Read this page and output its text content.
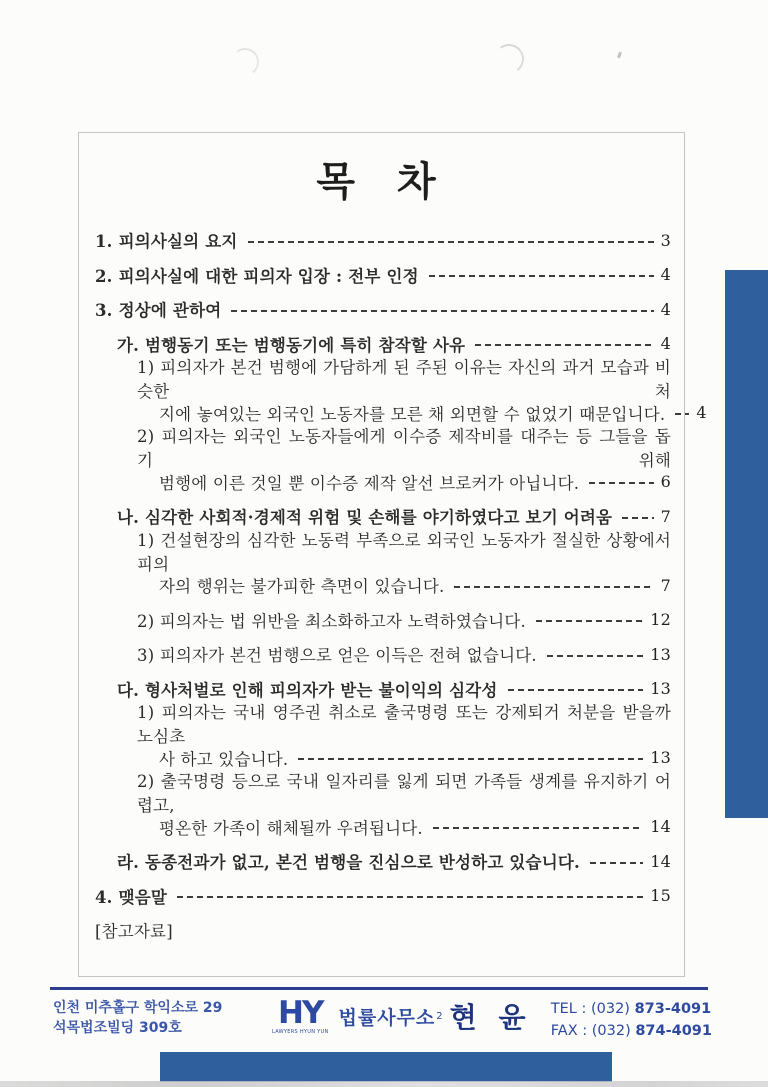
목 차
1. 피의사실의 요지	3
2. 피의사실에 대한 피의자 입장 : 전부 인정	4
3. 정상에 관하여	4
가. 범행동기 또는 범행동기에 특히 참작할 사유	4
1) 피의자가 본건 범행에 가담하게 된 주된 이유는 자신의 과거 모습과 비슷한 처
지에 놓여있는 외국인 노동자를 모른 채 외면할 수 없었기 때문입니다. 4
2) 피의자는 외국인 노동자들에게 이수증 제작비를 대주는 등 그들을 돕기 위해
범행에 이른 것일 뿐 이수증 제작 알선 브로커가 아닙니다.	6
나. 심각한 사회적·경제적 위험 및 손해를 야기하였다고 보기 어려움	7
1) 건설현장의 심각한 노동력 부족으로 외국인 노동자가 절실한 상황에서 피의
자의 행위는 불가피한 측면이 있습니다.	7
2) 피의자는 법 위반을 최소화하고자 노력하였습니다.	12
3) 피의자가 본건 범행으로 얻은 이득은 전혀 없습니다.	13
다. 형사처벌로 인해 피의자가 받는 불이익의 심각성	13
1) 피의자는 국내 영주권 취소로 출국명령 또는 강제퇴거 처분을 받을까 노심초
사 하고 있습니다.	13
2) 출국명령 등으로 국내 일자리를 잃게 되면 가족들 생계를 유지하기 어렵고,
평온한 가족이 해체될까 우려됩니다.	14
라. 동종전과가 없고, 본건 범행을 진심으로 반성하고 있습니다.	14
4. 맺음말	15
[참고자료]
인천 미추홀구 학익소로 29
석목법조빌딩 309호	HY
LAWYERS HYUN YUN
법률사무소 2 현 윤 TEL : (032) 873-4091
FAX : (032) 874-4091
